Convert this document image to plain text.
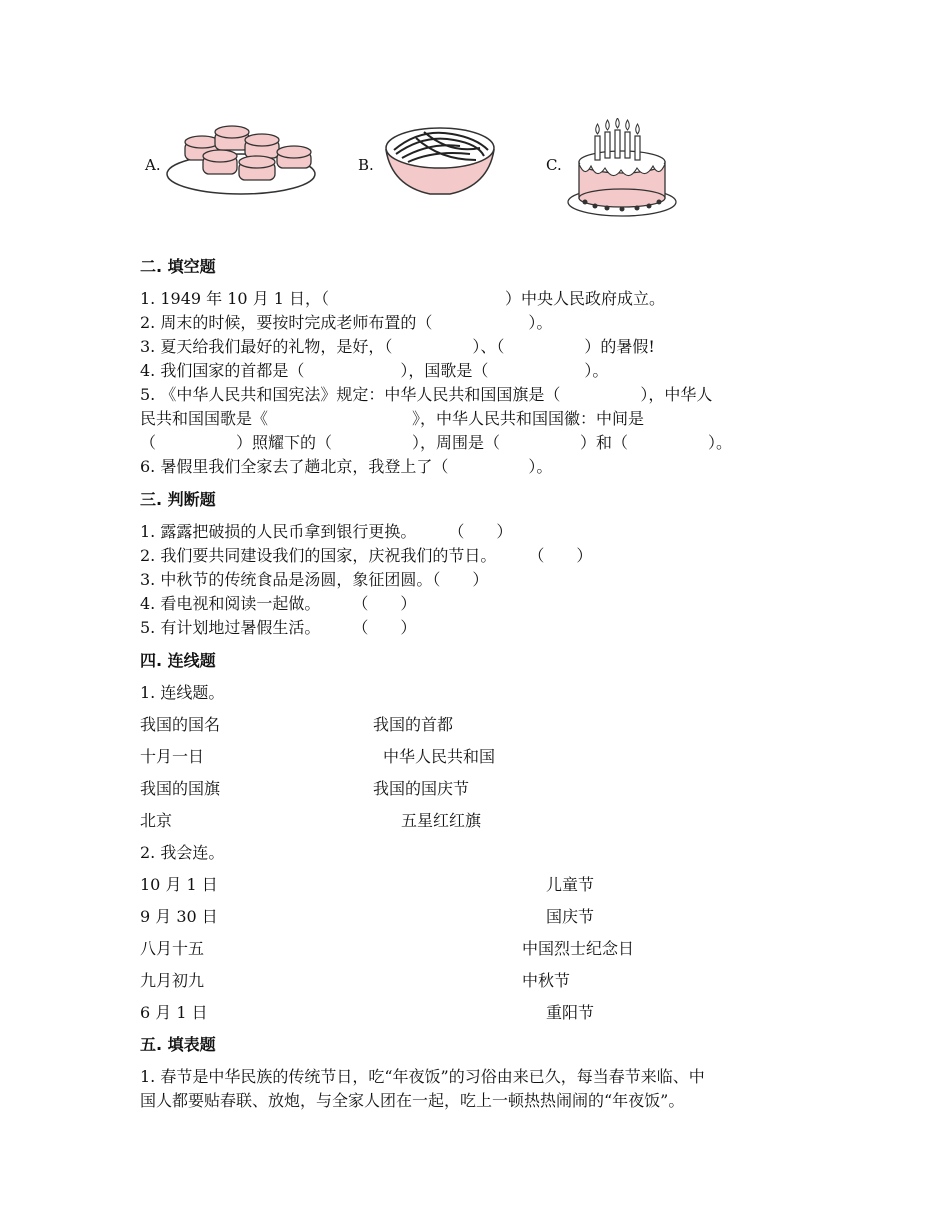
A.	B.	C.
二. 填空题
1. 1949 年 10 月 1 日，（　　　　　　　　　　　）中央人民政府成立。
2. 周末的时候，要按时完成老师布置的（　　　　　　）。
3. 夏天给我们最好的礼物，是好，（　　　　　）、（　　　　　）的暑假!
4. 我们国家的首都是（　　　　　　），国歌是（　　　　　　）。
5. 《中华人民共和国宪法》规定：中华人民共和国国旗是（　　　　　），中华人
民共和国国歌是《　　　　　　　　　》，中华人民共和国国徽：中间是
（　　　　　）照耀下的（　　　　　），周围是（　　　　　）和（　　　　　）。
6. 暑假里我们全家去了趟北京，我登上了（　　　　　）。
三. 判断题
1. 露露把破损的人民币拿到银行更换。　　　（　　）
2. 我们要共同建设我们的国家，庆祝我们的节日。　　　（　　）
3. 中秋节的传统食品是汤圆，象征团圆。（　　）
4. 看电视和阅读一起做。　　　（　　）
5. 有计划地过暑假生活。　　　（　　）
四. 连线题
1. 连线题。
我国的国名	我国的首都
十月一日	中华人民共和国
我国的国旗	我国的国庆节
北京	五星红红旗
2. 我会连。
10 月 1 日	儿童节
9 月 30 日	国庆节
八月十五	中国烈士纪念日
九月初九	中秋节
6 月 1 日	重阳节
五. 填表题
1. 春节是中华民族的传统节日，吃“年夜饭”的习俗由来已久，每当春节来临、中
国人都要贴春联、放炮，与全家人团在一起，吃上一顿热热闹闹的“年夜饭”。
